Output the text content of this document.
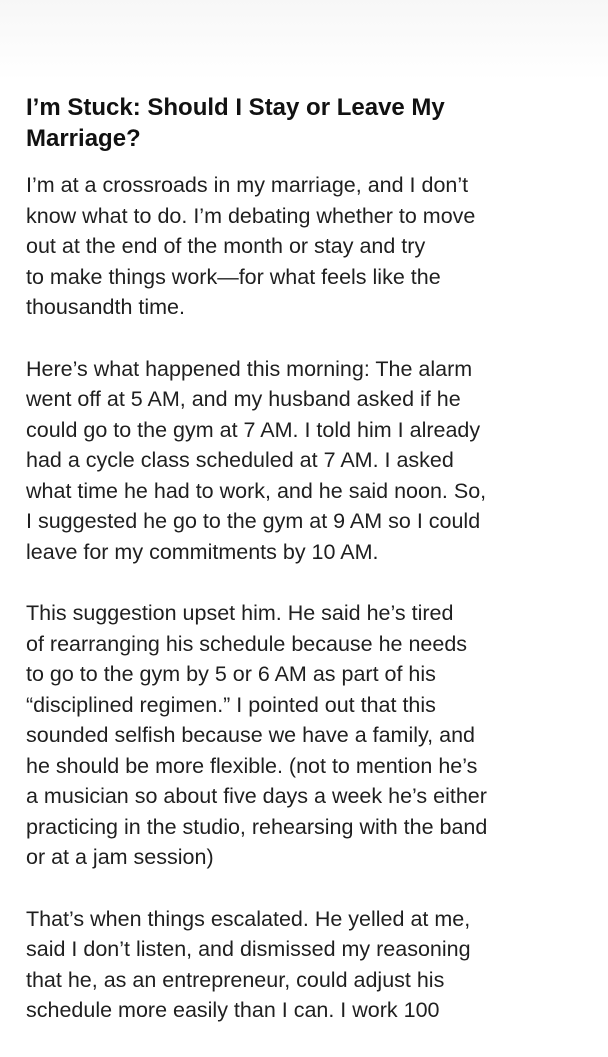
I’m Stuck: Should I Stay or Leave My
Marriage?

I’m at a crossroads in my marriage, and I don’t
know what to do. I’m debating whether to move
out at the end of the month or stay and try
to make things work—for what feels like the
thousandth time.

Here’s what happened this morning: The alarm
went off at 5 AM, and my husband asked if he
could go to the gym at 7 AM. I told him I already
had a cycle class scheduled at 7 AM. I asked
what time he had to work, and he said noon. So,
I suggested he go to the gym at 9 AM so I could
leave for my commitments by 10 AM.

This suggestion upset him. He said he’s tired
of rearranging his schedule because he needs
to go to the gym by 5 or 6 AM as part of his
“disciplined regimen.” I pointed out that this
sounded selfish because we have a family, and
he should be more flexible. (not to mention he’s
a musician so about five days a week he’s either
practicing in the studio, rehearsing with the band
or at a jam session)

That’s when things escalated. He yelled at me,
said I don’t listen, and dismissed my reasoning
that he, as an entrepreneur, could adjust his
schedule more easily than I can. I work 100
